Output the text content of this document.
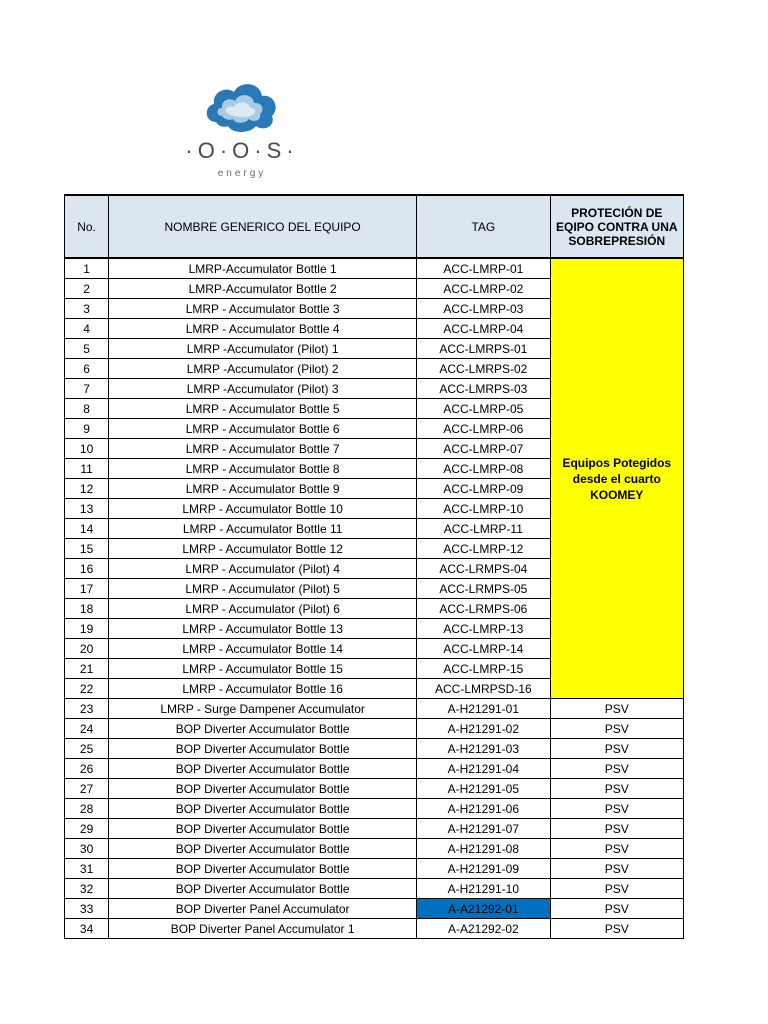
·O·O·S·
energy
No.	NOMBRE GENERICO DEL EQUIPO	TAG	PROTECIÓN DE EQIPO CONTRA UNA SOBREPRESIÓN
1	LMRP-Accumulator Bottle 1	ACC-LMRP-01	Equipos Potegidos desde el cuarto KOOMEY
2	LMRP-Accumulator Bottle 2	ACC-LMRP-02	
3	LMRP - Accumulator Bottle 3	ACC-LMRP-03	
4	LMRP - Accumulator Bottle 4	ACC-LMRP-04	
5	LMRP -Accumulator (Pilot) 1	ACC-LMRPS-01	
6	LMRP -Accumulator (Pilot) 2	ACC-LMRPS-02	
7	LMRP -Accumulator (Pilot) 3	ACC-LMRPS-03	
8	LMRP - Accumulator Bottle 5	ACC-LMRP-05	
9	LMRP - Accumulator Bottle 6	ACC-LMRP-06	
10	LMRP - Accumulator Bottle 7	ACC-LMRP-07	
11	LMRP - Accumulator Bottle 8	ACC-LMRP-08	
12	LMRP - Accumulator Bottle 9	ACC-LMRP-09	
13	LMRP - Accumulator Bottle 10	ACC-LMRP-10	
14	LMRP - Accumulator Bottle 11	ACC-LMRP-11	
15	LMRP - Accumulator Bottle 12	ACC-LMRP-12	
16	LMRP - Accumulator (Pilot) 4	ACC-LRMPS-04	
17	LMRP - Accumulator (Pilot) 5	ACC-LRMPS-05	
18	LMRP - Accumulator (Pilot) 6	ACC-LRMPS-06	
19	LMRP - Accumulator Bottle 13	ACC-LMRP-13	
20	LMRP - Accumulator Bottle 14	ACC-LMRP-14	
21	LMRP - Accumulator Bottle 15	ACC-LMRP-15	
22	LMRP - Accumulator Bottle 16	ACC-LMRPSD-16	
23	LMRP - Surge Dampener Accumulator	A-H21291-01	PSV
24	BOP Diverter Accumulator Bottle	A-H21291-02	PSV
25	BOP Diverter Accumulator Bottle	A-H21291-03	PSV
26	BOP Diverter Accumulator Bottle	A-H21291-04	PSV
27	BOP Diverter Accumulator Bottle	A-H21291-05	PSV
28	BOP Diverter Accumulator Bottle	A-H21291-06	PSV
29	BOP Diverter Accumulator Bottle	A-H21291-07	PSV
30	BOP Diverter Accumulator Bottle	A-H21291-08	PSV
31	BOP Diverter Accumulator Bottle	A-H21291-09	PSV
32	BOP Diverter Accumulator Bottle	A-H21291-10	PSV
33	BOP Diverter Panel Accumulator	A-A21292-01	PSV
34	BOP Diverter Panel Accumulator 1	A-A21292-02	PSV
